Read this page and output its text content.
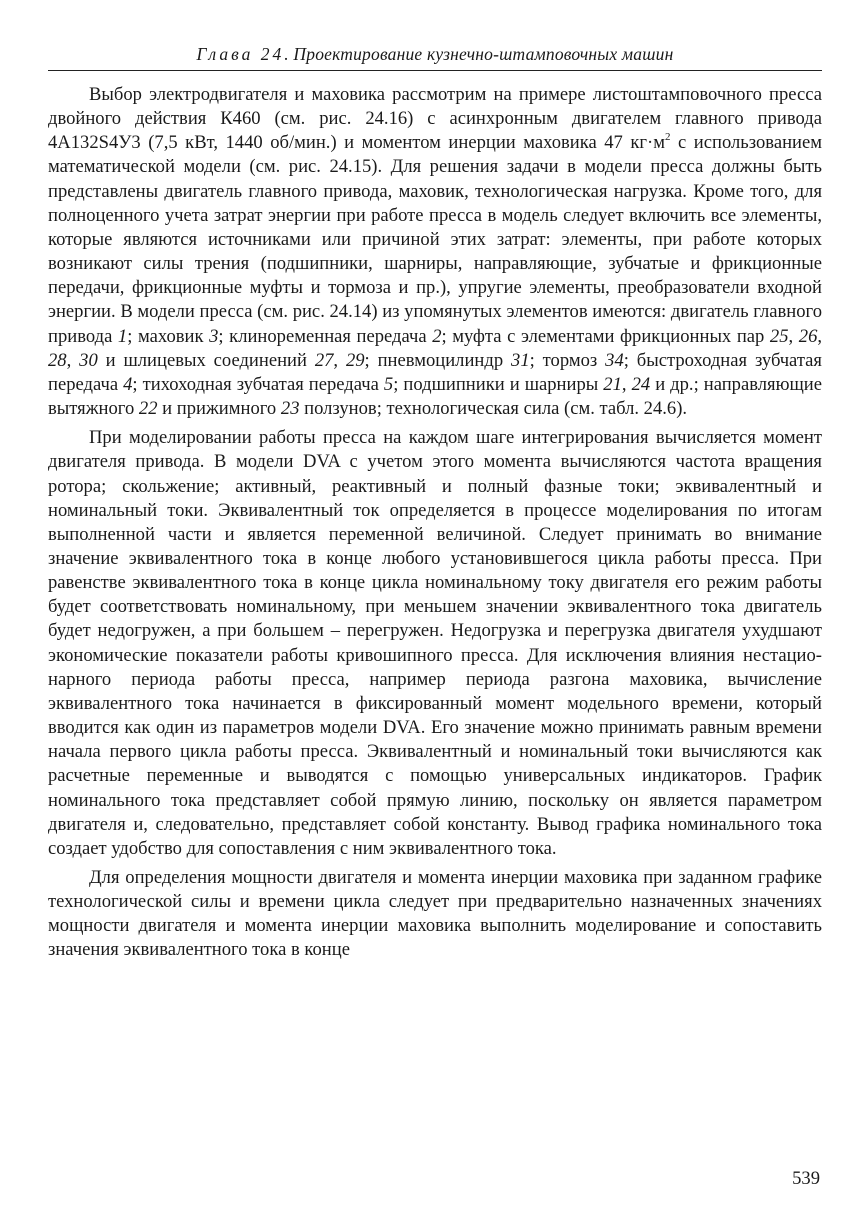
Глава 24. Проектирование кузнечно-штамповочных машин

Выбор электродвигателя и маховика рассмотрим на примере листоштамповочного пресса двойного действия К460 (см. рис. 24.16) с асинхронным двигателем главного привода 4А132S4У3 (7,5 кВт, 1440 об/мин.) и моментом инерции маховика 47 $кг\cdot м^2$ с использованием математической модели (см. рис. 24.15). Для решения задачи в модели пресса должны быть представлены двигатель главного привода, маховик, технологическая нагрузка. Кроме того, для полноценного учета затрат энергии при работе пресса в модель следует включить все элементы, которые являются источниками или причиной этих затрат: элементы, при работе которых возникают силы трения (подшипники, шарниры, направляющие, зубчатые и фрикционные передачи, фрикционные муфты и тормоза и пр.), упругие элементы, преобразователи входной энергии. В модели пресса (см. рис. 24.14) из упомянутых элементов имеются: двигатель главного привода 1; маховик 3; клиноременная передача 2; муфта с элементами фрикционных пар 25, 26, 28, 30 и шлицевых соединений 27, 29; пневмоцилиндр 31; тормоз 34; быстроходная зубчатая передача 4; тихоходная зубчатая передача 5; подшипники и шарниры 21, 24 и др.; направляющие вытяжного 22 и прижимного 23 ползунов; технологическая сила (см. табл. 24.6).

При моделировании работы пресса на каждом шаге интегрирования вычисляется момент двигателя привода. В модели DVA с учетом этого момента вычисляются частота вращения ротора; скольжение; активный, реактивный и полный фазные токи; эквивалентный и номинальный токи. Эквивалентный ток определяется в процессе моделирования по итогам выполненной части и является переменной величиной. Следует принимать во внимание значение эквивалентного тока в конце любого установившегося цикла работы пресса. При равенстве эквивалентного тока в конце цикла номинальному току двигателя его режим работы будет соответствовать номинальному, при меньшем значении эквивалентного тока двигатель будет недогружен, а при большем – перегружен. Недогрузка и перегрузка двигателя ухудшают экономические показатели работы кривошипного пресса. Для исключения влияния нестационарного периода работы пресса, например периода разгона маховика, вычисление эквивалентного тока начинается в фиксированный момент модельного времени, который вводится как один из параметров модели DVA. Его значение можно принимать равным времени начала первого цикла работы пресса. Эквивалентный и номинальный токи вычисляются как расчетные переменные и выводятся с помощью универсальных индикаторов. График номинального тока представляет собой прямую линию, поскольку он является параметром двигателя и, следовательно, представляет собой константу. Вывод графика номинального тока создает удобство для сопоставления с ним эквивалентного тока.

Для определения мощности двигателя и момента инерции маховика при заданном графике технологической силы и времени цикла следует при предварительно назначенных значениях мощности двигателя и момента инерции маховика выполнить моделирование и сопоставить значения эквивалентного тока в конце

539
